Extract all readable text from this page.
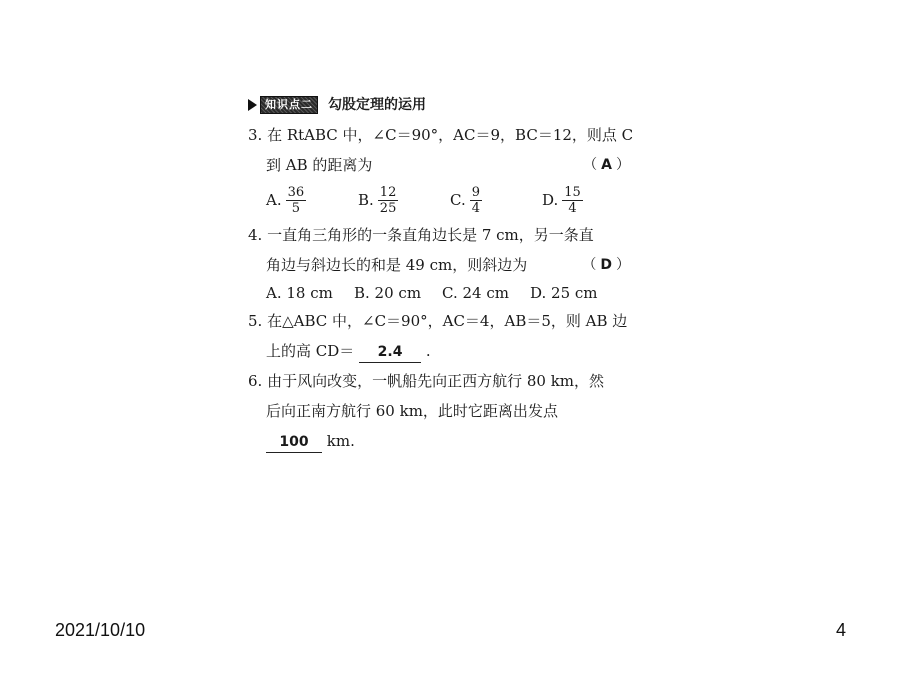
知识点二	勾股定理的运用
3. 在 RtABC 中，∠C＝90°，AC＝9，BC＝12，则点 C
到 AB 的距离为	（ A ）
A. $\frac{36}{5}$	B. $\frac{12}{25}$	C. $\frac{9}{4}$	D. $\frac{15}{4}$
4. 一直角三角形的一条直角边长是 7 cm，另一条直
角边与斜边长的和是 49 cm，则斜边为	（ D ）
A. 18 cm	B. 20 cm	C. 24 cm	D. 25 cm
5. 在△ABC 中，∠C＝90°，AC＝4，AB＝5，则 AB 边
上的高 CD＝ 2.4 .
6. 由于风向改变，一帆船先向正西方航行 80 km，然
后向正南方航行 60 km，此时它距离出发点
100 km.
2021/10/10	4
